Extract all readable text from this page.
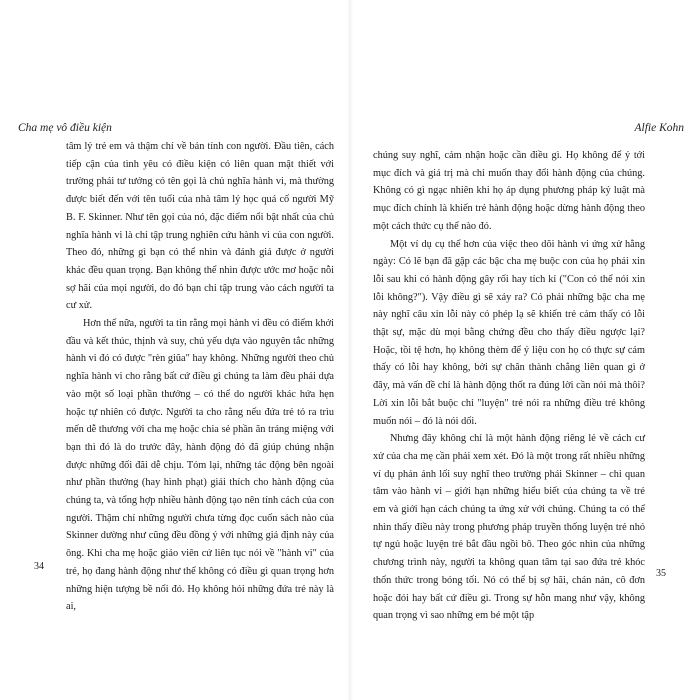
Cha mẹ vô điều kiện

tâm lý trẻ em và thậm chí về bản tính con người. Đầu tiên, cách tiếp cận của tình yêu có điều kiện có liên quan mật thiết với trường phái tư tưởng có tên gọi là chủ nghĩa hành vi, mà thường được biết đến với tên tuổi của nhà tâm lý học quá cố người Mỹ B. F. Skinner. Như tên gọi của nó, đặc điểm nổi bật nhất của chủ nghĩa hành vi là chỉ tập trung nghiên cứu hành vi của con người. Theo đó, những gì bạn có thể nhìn và đánh giá được ở người khác đều quan trọng. Bạn không thể nhìn được ước mơ hoặc nỗi sợ hãi của mọi người, do đó bạn chỉ tập trung vào cách người ta cư xử.

Hơn thế nữa, người ta tin rằng mọi hành vi đều có điểm khởi đầu và kết thúc, thịnh và suy, chủ yếu dựa vào nguyên tắc những hành vi đó có được "rèn giũa" hay không. Những người theo chủ nghĩa hành vi cho rằng bất cứ điều gì chúng ta làm đều phải dựa vào một số loại phần thưởng – có thể do người khác hứa hẹn hoặc tự nhiên có được. Người ta cho rằng nếu đứa trẻ tỏ ra trìu mến dễ thương với cha mẹ hoặc chia sẻ phần ăn tráng miệng với bạn thì đó là do trước đây, hành động đó đã giúp chúng nhận được những đối đãi dễ chịu. Tóm lại, những tác động bên ngoài như phần thưởng (hay hình phạt) giải thích cho hành động của chúng ta, và tổng hợp nhiều hành động tạo nên tính cách của con người. Thậm chí những người chưa từng đọc cuốn sách nào của Skinner dường như cũng đều đồng ý với những giả định này của ông. Khi cha mẹ hoặc giáo viên cứ liên tục nói về "hành vi" của trẻ, họ đang hành động như thể không có điều gì quan trọng hơn những hiện tượng bề nổi đó. Họ không hỏi những đứa trẻ này là ai,

34
Alfie Kohn

chúng suy nghĩ, cảm nhận hoặc cần điều gì. Họ không để ý tới mục đích và giá trị mà chỉ muốn thay đổi hành động của chúng. Không có gì ngạc nhiên khi họ áp dụng phương pháp kỷ luật mà mục đích chính là khiến trẻ hành động hoặc dừng hành động theo một cách thức cụ thể nào đó.

Một ví dụ cụ thể hơn của việc theo dõi hành vi ứng xử hằng ngày: Có lẽ bạn đã gặp các bậc cha mẹ buộc con của họ phải xin lỗi sau khi có hành động gây rối hay tích kỉ ("Con có thể nói xin lỗi không?"). Vậy điều gì sẽ xảy ra? Có phải những bậc cha mẹ này nghĩ câu xin lỗi này có phép lạ sẽ khiến trẻ cảm thấy có lỗi thật sự, mặc dù mọi bằng chứng đều cho thấy điều ngược lại? Hoặc, tồi tệ hơn, họ không thèm để ý liệu con họ có thực sự cảm thấy có lỗi hay không, bởi sự chân thành chẳng liên quan gì ở đây, mà vấn đề chỉ là hành động thốt ra đúng lời cần nói mà thôi? Lời xin lỗi bắt buộc chỉ "luyện" trẻ nói ra những điều trẻ không muốn nói – đó là nói dối.

Nhưng đây không chỉ là một hành động riêng lẻ về cách cư xử của cha mẹ cần phải xem xét. Đó là một trong rất nhiều những ví dụ phản ánh lối suy nghĩ theo trường phái Skinner – chỉ quan tâm vào hành vi – giới hạn những hiểu biết của chúng ta về trẻ em và giới hạn cách chúng ta ứng xử với chúng. Chúng ta có thể nhìn thấy điều này trong phương pháp truyền thống luyện trẻ nhỏ tự ngủ hoặc luyện trẻ bắt đầu ngồi bô. Theo góc nhìn của những chương trình này, người ta không quan tâm tại sao đứa trẻ khóc thổn thức trong bóng tối. Nó có thể bị sợ hãi, chán nản, cô đơn hoặc đói hay bất cứ điều gì. Trong sự hỗn mang như vậy, không quan trọng vì sao những em bé một tập

35
